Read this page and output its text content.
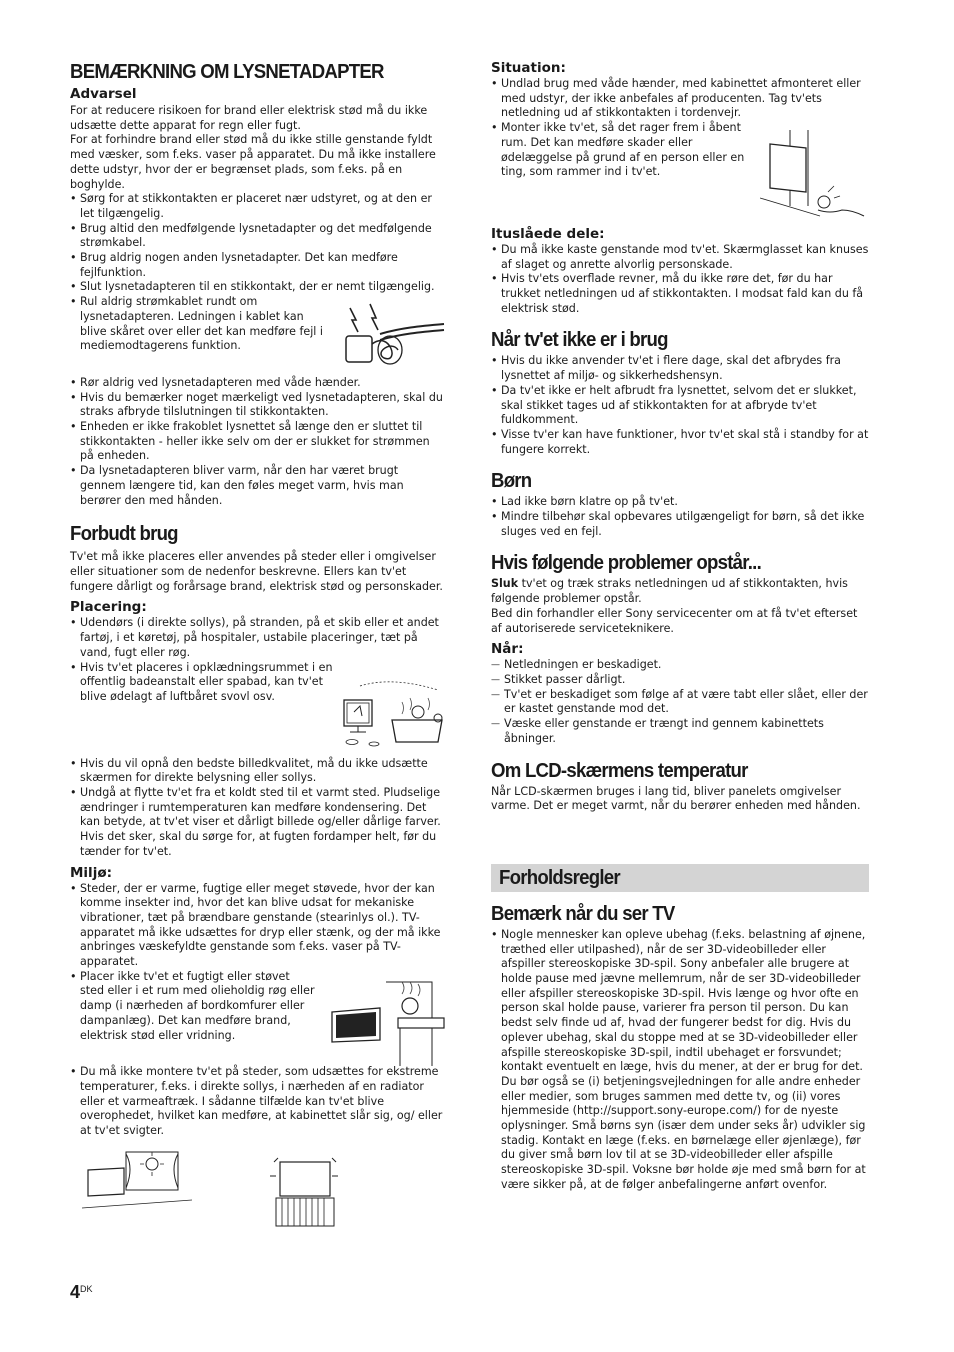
BEMÆRKNING OM LYSNETADAPTER
Advarsel

For at reducere risikoen for brand eller elektrisk stød må du ikke udsætte dette apparat for regn eller fugt.

For at forhindre brand eller stød må du ikke stille genstande fyldt med væsker, som f.eks. vaser på apparatet. Du må ikke installere dette udstyr, hvor der er begrænset plads, som f.eks. på en boghylde.

• Sørg for at stikkontakten er placeret nær udstyret, og at den er let tilgængelig.
• Brug altid den medfølgende lysnetadapter og det medfølgende strømkabel.
• Brug aldrig nogen anden lysnetadapter. Det kan medføre fejlfunktion.
• Slut lysnetadapteren til en stikkontakt, der er nemt tilgængelig.
• Rul aldrig strømkablet rundt om lysnetadapteren. Ledningen i kablet kan blive skåret over eller det kan medføre fejl i mediemodtagerens funktion.
• Rør aldrig ved lysnetadapteren med våde hænder.
• Hvis du bemærker noget mærkeligt ved lysnetadapteren, skal du straks afbryde tilslutningen til stikkontakten.
• Enheden er ikke frakoblet lysnettet så længe den er sluttet til stikkontakten - heller ikke selv om der er slukket for strømmen på enheden.
• Da lysnetadapteren bliver varm, når den har været brugt gennem længere tid, kan den føles meget varm, hvis man berører den med hånden.
Forbudt brug

Tv'et må ikke placeres eller anvendes på steder eller i omgivelser eller situationer som de nedenfor beskrevne. Ellers kan tv'et fungere dårligt og forårsage brand, elektrisk stød og personskader.

Placering:
• Udendørs (i direkte sollys), på stranden, på et skib eller et andet fartøj, i et køretøj, på hospitaler, ustabile placeringer, tæt på vand, fugt eller røg.
• Hvis tv'et placeres i opklædningsrummet i en offentlig badeanstalt eller spabad, kan tv'et blive ødelagt af luftbåret svovl osv.
• Hvis du vil opnå den bedste billedkvalitet, må du ikke udsætte skærmen for direkte belysning eller sollys.
• Undgå at flytte tv'et fra et koldt sted til et varmt sted. Pludselige ændringer i rumtemperaturen kan medføre kondensering. Det kan betyde, at tv'et viser et dårligt billede og/eller dårlige farver. Hvis det sker, skal du sørge for, at fugten fordamper helt, før du tænder for tv'et.
Miljø:
• Steder, der er varme, fugtige eller meget støvede, hvor der kan komme insekter ind, hvor det kan blive udsat for mekaniske vibrationer, tæt på brændbare genstande (stearinlys ol.). TV-apparatet må ikke udsættes for dryp eller stænk, og der må ikke anbringes væskefyldte genstande som f.eks. vaser på TV-apparatet.
• Placer ikke tv'et et fugtigt eller støvet sted eller i et rum med olieholdig røg eller damp (i nærheden af bordkomfurer eller dampanlæg). Det kan medføre brand, elektrisk stød eller vridning.
• Du må ikke montere tv'et på steder, som udsættes for ekstreme temperaturer, f.eks. i direkte sollys, i nærheden af en radiator eller et varmeaftræk. I sådanne tilfælde kan tv'et blive overophedet, hvilket kan medføre, at kabinettet slår sig, og/ eller at tv'et svigter.
Situation:
• Undlad brug med våde hænder, med kabinettet afmonteret eller med udstyr, der ikke anbefales af producenten. Tag tv'ets netledning ud af stikkontakten i tordenvejr.
• Monter ikke tv'et, så det rager frem i åbent rum. Det kan medføre skader eller ødelæggelse på grund af en person eller en ting, som rammer ind i tv'et.
Ituslåede dele:
• Du må ikke kaste genstande mod tv'et. Skærmglasset kan knuses af slaget og anrette alvorlig personskade.
• Hvis tv'ets overflade revner, må du ikke røre det, før du har trukket netledningen ud af stikkontakten. I modsat fald kan du få elektrisk stød.
Når tv'et ikke er i brug
• Hvis du ikke anvender tv'et i flere dage, skal det afbrydes fra lysnettet af miljø- og sikkerhedshensyn.
• Da tv'et ikke er helt afbrudt fra lysnettet, selvom det er slukket, skal stikket tages ud af stikkontakten for at afbryde tv'et fuldkomment.
• Visse tv'er kan have funktioner, hvor tv'et skal stå i standby for at fungere korrekt.
Børn
• Lad ikke børn klatre op på tv'et.
• Mindre tilbehør skal opbevares utilgængeligt for børn, så det ikke sluges ved en fejl.
Hvis følgende problemer opstår...

Sluk tv'et og træk straks netledningen ud af stikkontakten, hvis følgende problemer opstår.

Bed din forhandler eller Sony servicecenter om at få tv'et efterset af autoriserede serviceteknikere.

Når:
— Netledningen er beskadiget.
— Stikket passer dårligt.
— Tv'et er beskadiget som følge af at være tabt eller slået, eller der er kastet genstande mod det.
— Væske eller genstande er trængt ind gennem kabinettets åbninger.
Om LCD-skærmens temperatur

Når LCD-skærmen bruges i lang tid, bliver panelets omgivelser varme. Det er meget varmt, når du berører enheden med hånden.

Forholdsregler
Bemærk når du ser TV
• Nogle mennesker kan opleve ubehag (f.eks. belastning af øjnene, træthed eller utilpashed), når de ser 3D-videobilleder eller afspiller stereoskopiske 3D-spil. Sony anbefaler alle brugere at holde pause med jævne mellemrum, når de ser 3D-videobilleder eller afspiller stereoskopiske 3D-spil. Hvis længe og hvor ofte en person skal holde pause, varierer fra person til person. Du kan bedst selv finde ud af, hvad der fungerer bedst for dig. Hvis du oplever ubehag, skal du stoppe med at se 3D-videobilleder eller afspille stereoskopiske 3D-spil, indtil ubehaget er forsvundet; kontakt eventuelt en læge, hvis du mener, at der er brug for det. Du bør også se (i) betjeningsvejledningen for alle andre enheder eller medier, som bruges sammen med dette tv, og (ii) vores hjemmeside (http://support.sony-europe.com/) for de nyeste oplysninger. Små børns syn (især dem under seks år) udvikler sig stadig. Kontakt en læge (f.eks. en børnelæge eller øjenlæge), før du giver små børn lov til at se 3D-videobilleder eller afspille stereoskopiske 3D-spil. Voksne bør holde øje med små børn for at være sikker på, at de følger anbefalingerne anført ovenfor.
$4^{DK}$
